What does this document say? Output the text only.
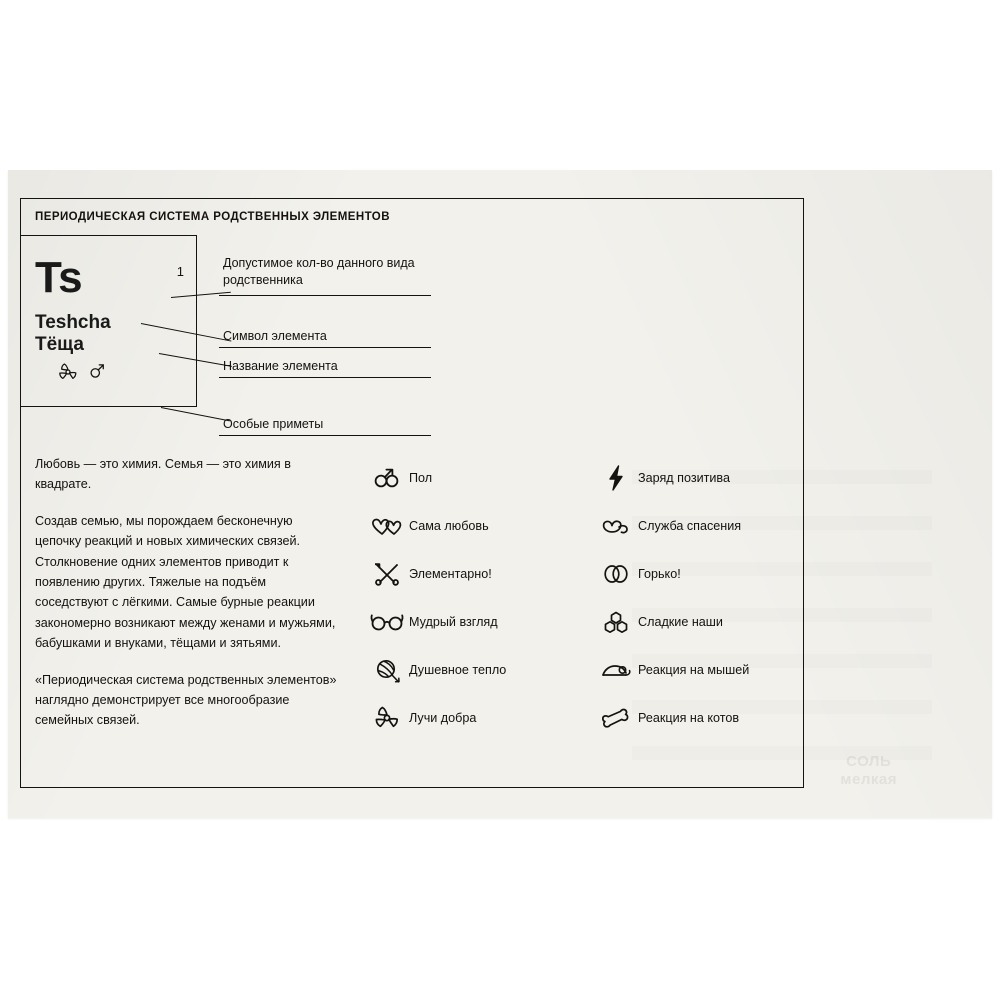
СОЛЬ
мелкая
ПЕРИОДИЧЕСКАЯ СИСТЕМА РОДСТВЕННЫХ ЭЛЕМЕНТОВ
1
Ts
Teshcha
Тёща
Допустимое кол-во данного вида родственника
Символ элемента
Название элемента
Особые приметы

Любовь — это химия. Семья — это химия в квадрате.

Создав семью, мы порождаем бесконечную цепочку реакций и новых химических связей. Столкновение одних элементов приводит к появлению других. Тяжелые на подъём соседствуют с лёгкими. Самые бурные реакции закономерно возникают между женами и мужьями, бабушками и внуками, тёщами и зятьями.

«Периодическая система родственных элементов» наглядно демонстрирует все многообразие семейных связей.

Пол
Сама любовь
Элементарно!
Мудрый взгляд
Душевное тепло
Лучи добра
Заряд позитива
Служба спасения
Горько!
Сладкие наши
Реакция на мышей
Реакция на котов
